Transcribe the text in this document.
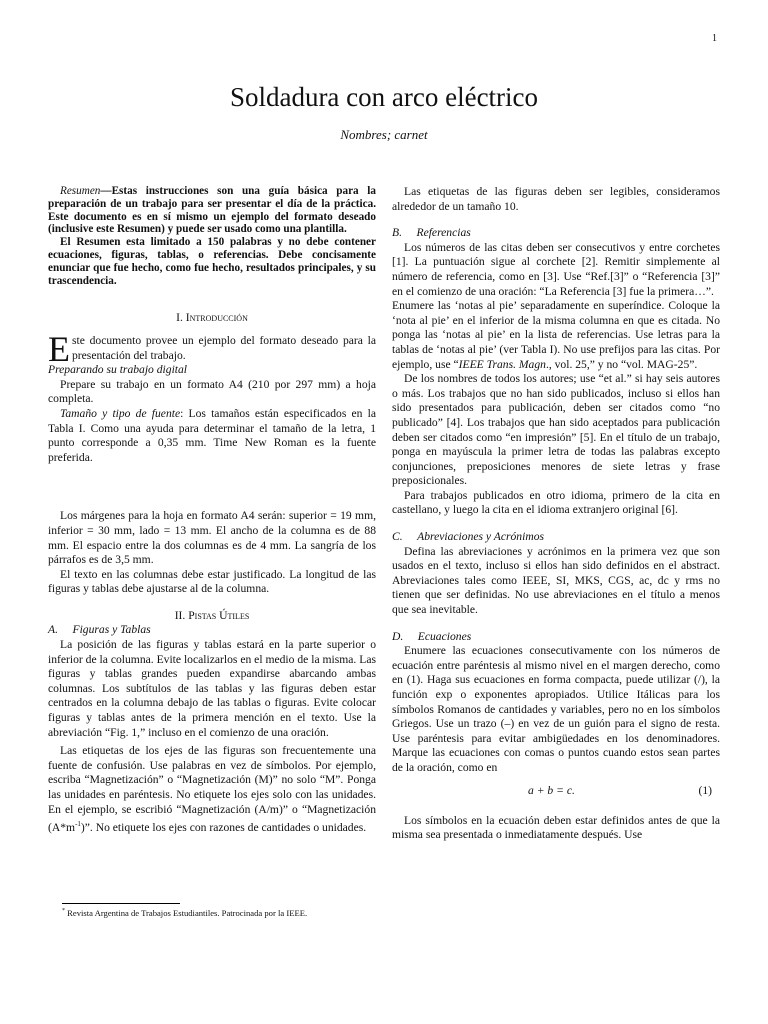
1
Soldadura con arco eléctrico
Nombres; carnet

Resumen—Estas instrucciones son una guía básica para la preparación de un trabajo para ser presentar el día de la práctica. Este documento es en sí mismo un ejemplo del formato deseado (inclusive este Resumen) y puede ser usado como una plantilla.

El Resumen esta limitado a 150 palabras y no debe contener ecuaciones, figuras, tablas, o referencias. Debe concisamente enunciar que fue hecho, como fue hecho, resultados principales, y su trascendencia.

I. Introducción

Este documento provee un ejemplo del formato deseado para la presentación del trabajo.

Preparando su trabajo digital

Prepare su trabajo en un formato A4 (210 por 297 mm) a hoja completa.

Tamaño y tipo de fuente: Los tamaños están especificados en la Tabla I. Como una ayuda para determinar el tamaño de la letra, 1 punto corresponde a 0,35 mm. Time New Roman es la fuente preferida.

Los márgenes para la hoja en formato A4 serán: superior = 19 mm, inferior = 30 mm, lado = 13 mm. El ancho de la columna es de 88 mm. El espacio entre la dos columnas es de 4 mm. La sangría de los párrafos es de 3,5 mm.

El texto en las columnas debe estar justificado. La longitud de las figuras y tablas debe ajustarse al de la columna.

II. Pistas Útiles

A. Figuras y Tablas

La posición de las figuras y tablas estará en la parte superior o inferior de la columna. Evite localizarlos en el medio de la misma. Las figuras y tablas grandes pueden expandirse abarcando ambas columnas. Los subtítulos de las tablas y las figuras deben estar centrados en la columna debajo de las tablas o figuras. Evite colocar figuras y tablas antes de la primera mención en el texto. Use la abreviación “Fig. 1,” incluso en el comienzo de una oración.

Las etiquetas de los ejes de las figuras son frecuentemente una fuente de confusión. Use palabras en vez de símbolos. Por ejemplo, escriba “Magnetización” o “Magnetización (M)” no solo “M”. Ponga las unidades en paréntesis. No etiquete los ejes solo con las unidades. En el ejemplo, se escribió “Magnetización (A/m)” o “Magnetización $(A*m^{-1})$”. No etiquete los ejes con razones de cantidades o unidades.

Las etiquetas de las figuras deben ser legibles, consideramos alrededor de un tamaño 10.

B. Referencias

Los números de las citas deben ser consecutivos y entre corchetes [1]. La puntuación sigue al corchete [2]. Remitir simplemente al número de referencia, como en [3]. Use “Ref.[3]” o “Referencia [3]” en el comienzo de una oración: “La Referencia [3] fue la primera…”.

Enumere las ‘notas al pie’ separadamente en superíndice. Coloque la ‘nota al pie’ en el inferior de la misma columna en que es citada. No ponga las ‘notas al pie’ en la lista de referencias. Use letras para la tablas de ‘notas al pie’ (ver Tabla I). No use prefijos para las citas. Por ejemplo, use “IEEE Trans. Magn., vol. 25,” y no “vol. MAG-25”.

De los nombres de todos los autores; use “et al.” si hay seis autores o más. Los trabajos que no han sido publicados, incluso si ellos han sido presentados para publicación, deben ser citados como “no publicado” [4]. Los trabajos que han sido aceptados para publicación deben ser citados como “en impresión” [5]. En el título de un trabajo, ponga en mayúscula la primer letra de todas las palabras excepto conjunciones, preposiciones menores de siete letras y frase preposicionales.

Para trabajos publicados en otro idioma, primero de la cita en castellano, y luego la cita en el idioma extranjero original [6].

C. Abreviaciones y Acrónimos

Defina las abreviaciones y acrónimos en la primera vez que son usados en el texto, incluso si ellos han sido definidos en el abstract. Abreviaciones tales como IEEE, SI, MKS, CGS, ac, dc y rms no tienen que ser definidas. No use abreviaciones en el título a menos que sea inevitable.

D. Ecuaciones

Enumere las ecuaciones consecutivamente con los números de ecuación entre paréntesis al mismo nivel en el margen derecho, como en (1). Haga sus ecuaciones en forma compacta, puede utilizar (/), la función exp o exponentes apropiados. Utilice Itálicas para los símbolos Romanos de cantidades y variables, pero no en los símbolos Griegos. Use un trazo (–) en vez de un guión para el signo de resta. Use paréntesis para evitar ambigüedades en los denominadores. Marque las ecuaciones con comas o puntos cuando estos sean partes de la oración, como en

a + b = c.	(1)

Los símbolos en la ecuación deben estar definidos antes de que la misma sea presentada o inmediatamente después. Use

* Revista Argentina de Trabajos Estudiantiles. Patrocinada por la IEEE.
